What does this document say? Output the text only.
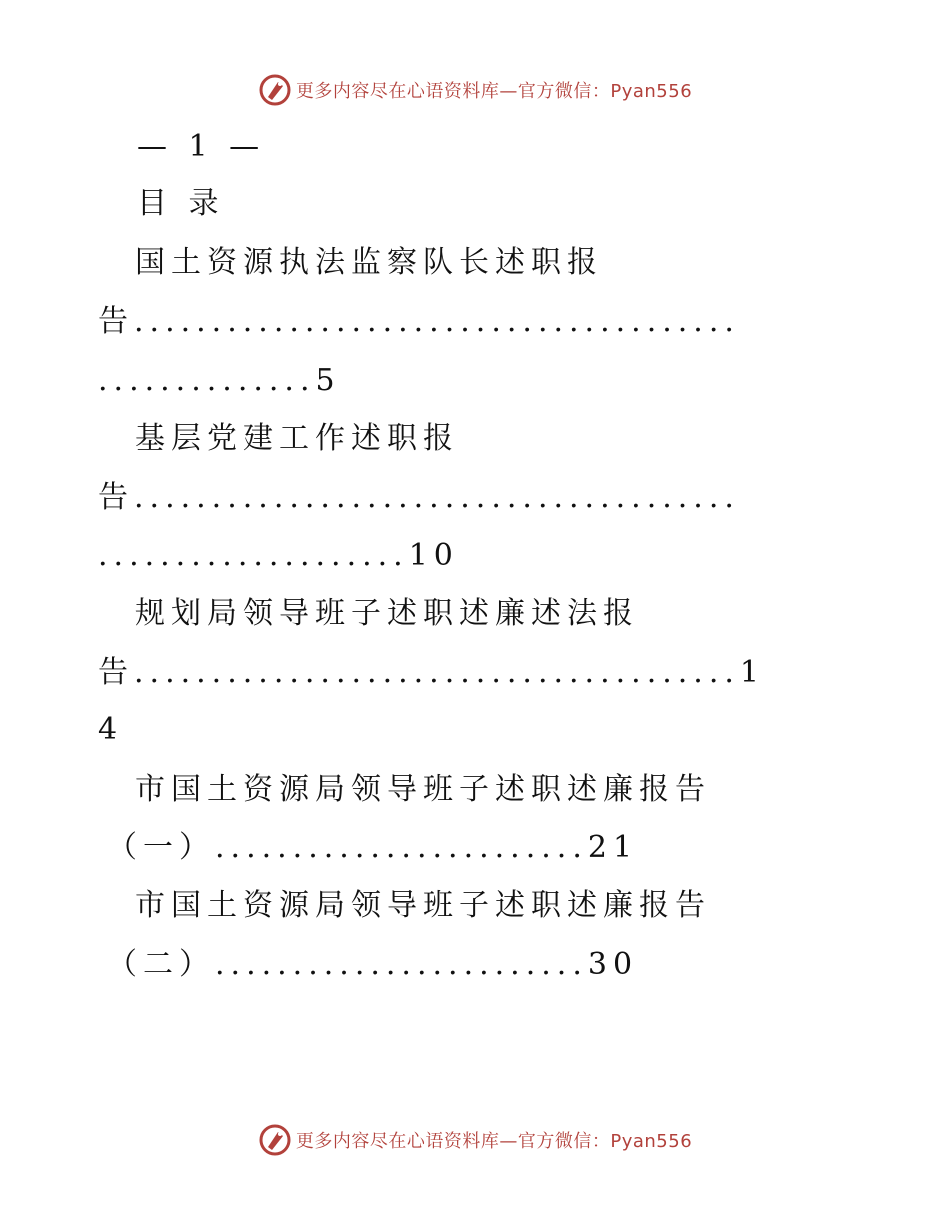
更多内容尽在心语资料库—官方微信：Pyan556
— 1 —
目 录
国土资源执法监察队长述职报
告.......................................
..............5
基层党建工作述职报
告.......................................
....................10
规划局领导班子述职述廉述法报
告.......................................1
4
市国土资源局领导班子述职述廉报告
（一）........................21
市国土资源局领导班子述职述廉报告
（二）........................30
更多内容尽在心语资料库—官方微信：Pyan556
